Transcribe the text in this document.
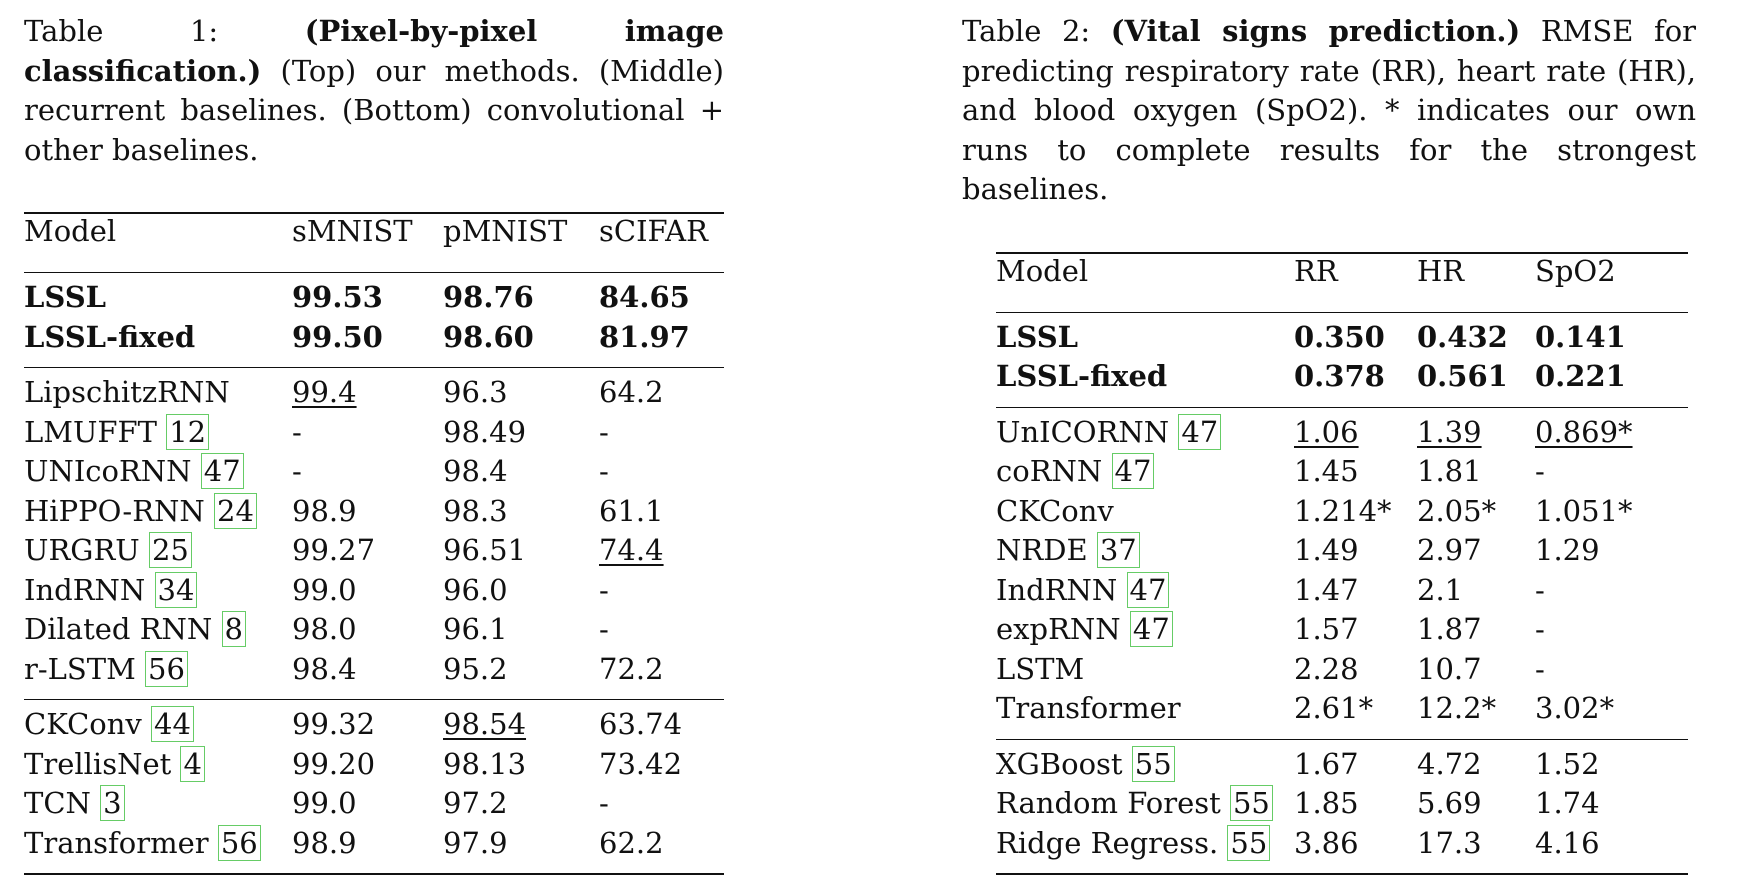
Table 1:	(Pixel-by-pixel image classification.) (Top) our methods. (Middle) recurrent baselines. (Bottom) convolutional + other baselines.
Model	sMNIST	pMNIST	sCIFAR
LSSL	99.53	98.76	84.65
LSSL-fixed	99.50	98.60	81.97
LipschitzRNN	99.4	96.3	64.2
LMUFFT 12	-	98.49	-
UNIcoRNN 47	-	98.4	-
HiPPO-RNN 24	98.9	98.3	61.1
URGRU 25	99.27	96.51	74.4
IndRNN 34	99.0	96.0	-
Dilated RNN 8	98.0	96.1	-
r-LSTM 56	98.4	95.2	72.2
CKConv 44	99.32	98.54	63.74
TrellisNet 4	99.20	98.13	73.42
TCN 3	99.0	97.2	-
Transformer 56	98.9	97.9	62.2
Table 2: (Vital signs prediction.) RMSE for predicting respiratory rate (RR), heart rate (HR), and blood oxygen (SpO2). * indicates our own runs to complete results for the strongest baselines.
Model	RR	HR	SpO2
LSSL	0.350	0.432	0.141
LSSL-fixed	0.378	0.561	0.221
UnICORNN 47	1.06	1.39	0.869*
coRNN 47	1.45	1.81	-
CKConv	1.214*	2.05*	1.051*
NRDE 37	1.49	2.97	1.29
IndRNN 47	1.47	2.1	-
expRNN 47	1.57	1.87	-
LSTM	2.28	10.7	-
Transformer	2.61*	12.2*	3.02*
XGBoost 55	1.67	4.72	1.52
Random Forest 55	1.85	5.69	1.74
Ridge Regress. 55	3.86	17.3	4.16
